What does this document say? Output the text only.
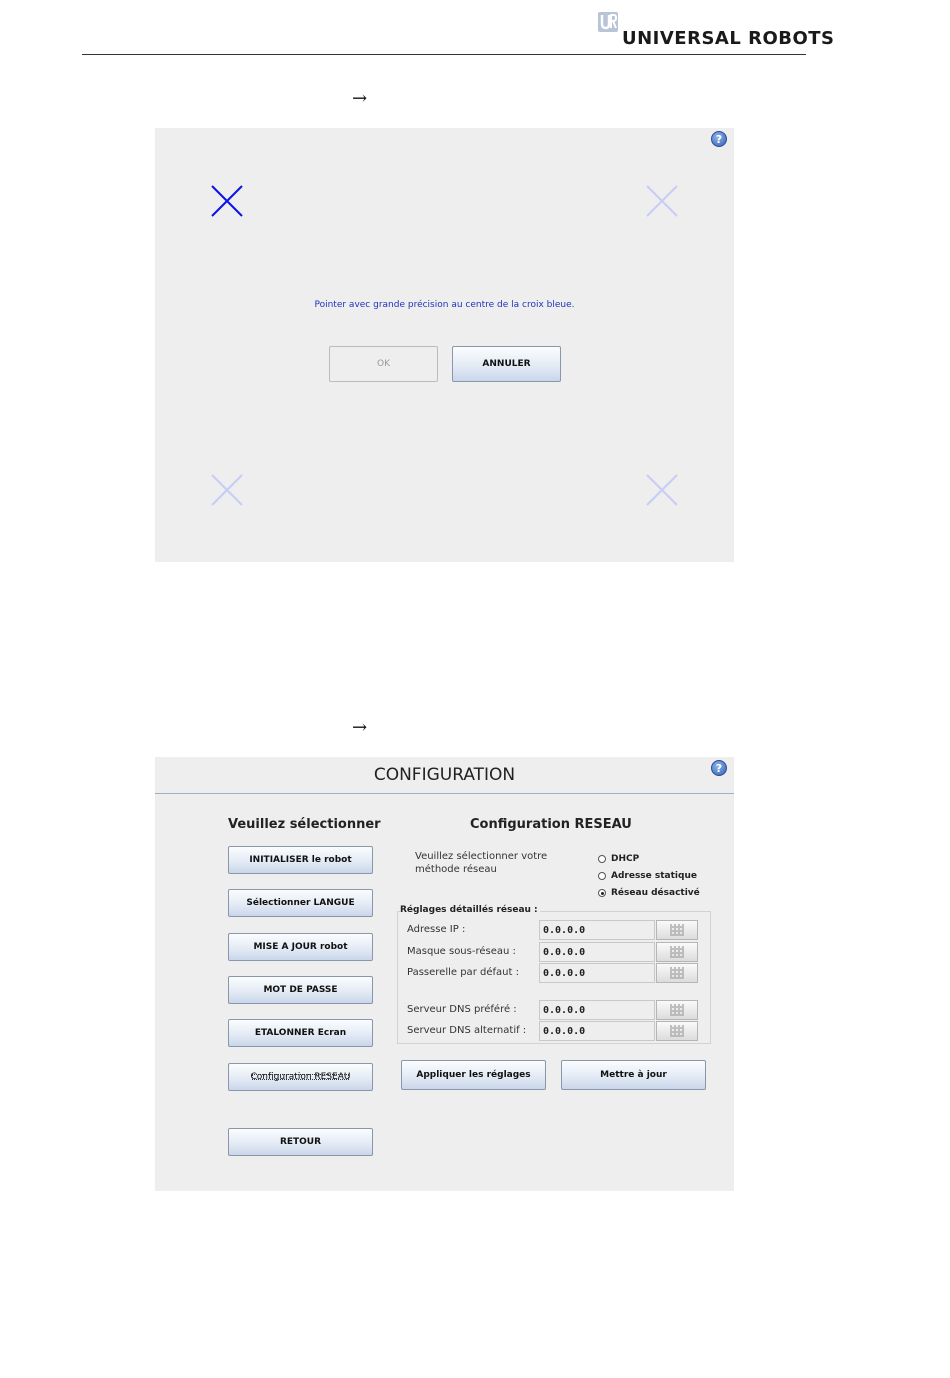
UNIVERSAL ROBOTS
→
?
Pointer avec grande précision au centre de la croix bleue.
OK	ANNULER
→
CONFIGURATION	?
Veuillez sélectionner
INITIALISER le robot
Sélectionner LANGUE
MISE A JOUR robot
MOT DE PASSE
ETALONNER Ecran
Configuration RESEAU
RETOUR
Configuration RESEAU
Veuillez sélectionner votre méthode réseau
DHCP
Adresse statique
Réseau désactivé
Réglages détaillés réseau :
Adresse IP :	0.0.0.0
Masque sous-réseau :	0.0.0.0
Passerelle par défaut :	0.0.0.0
Serveur DNS préféré :	0.0.0.0
Serveur DNS alternatif :	0.0.0.0
Appliquer les réglages	Mettre à jour
